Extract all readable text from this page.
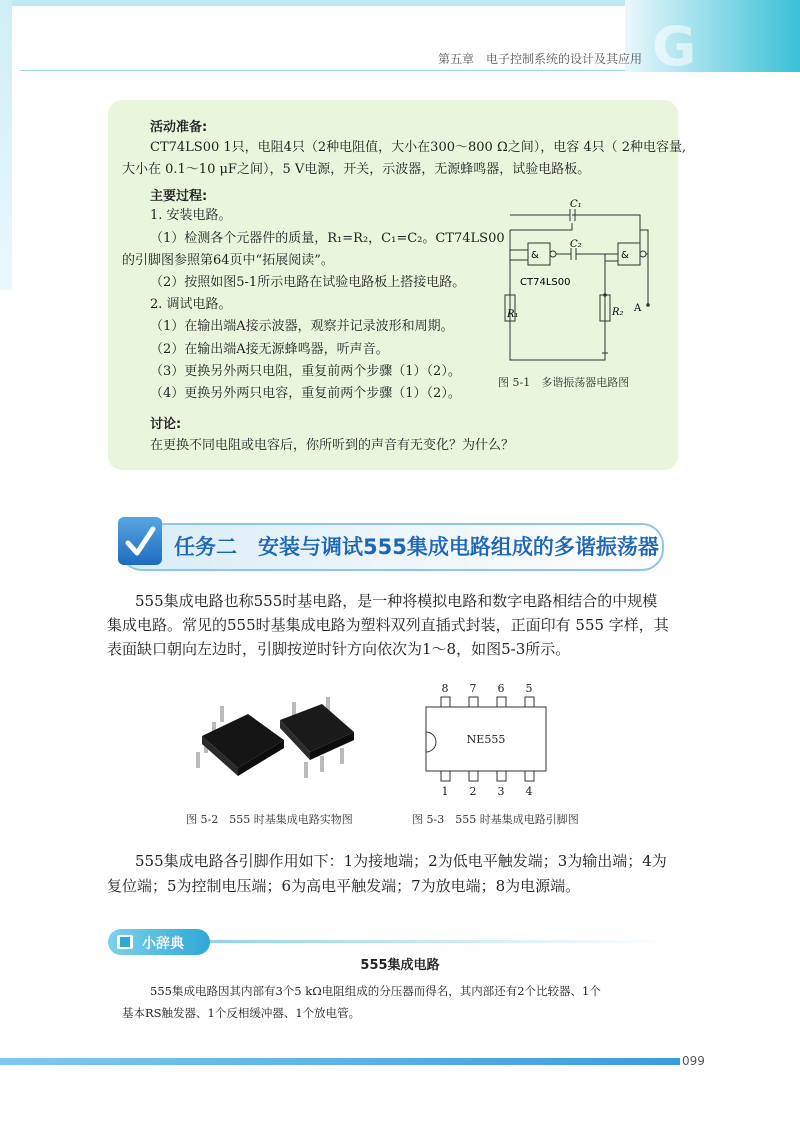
G
第五章　电子控制系统的设计及其应用
活动准备:
CT74LS00 1只，电阻4只（2种电阻值，大小在300～800 Ω之间），电容 4只（ 2种电容量,
大小在 0.1～10 μF之间），5 V电源，开关，示波器，无源蜂鸣器，试验电路板。
主要过程:
1. 安装电路。
（1）检测各个元器件的质量，R₁=R₂，C₁=C₂。CT74LS00
的引脚图参照第64页中“拓展阅读”。
（2）按照如图5-1所示电路在试验电路板上搭接电路。
2. 调试电路。
（1）在输出端A接示波器，观察并记录波形和周期。
（2）在输出端A接无源蜂鸣器，听声音。
（3）更换另外两只电阻，重复前两个步骤（1）（2）。
（4）更换另外两只电容，重复前两个步骤（1）（2）。
讨论:
在更换不同电阻或电容后，你所听到的声音有无变化？为什么？
C₁
C₂
&	&
CT74LS00
R₁	R₂ A
图 5-1　多谐振荡器电路图
任务二　安装与调试555集成电路组成的多谐振荡器
555集成电路也称555时基电路，是一种将模拟电路和数字电路相结合的中规模
集成电路。常见的555时基集成电路为塑料双列直插式封装，正面印有 555 字样，其
表面缺口朝向左边时，引脚按逆时针方向依次为1～8，如图5-3所示。
图 5-2　555 时基集成电路实物图
8 7 6 5
1 2 3 4
NE555
图 5-3　555 时基集成电路引脚图
555集成电路各引脚作用如下：1为接地端；2为低电平触发端；3为输出端；4为
复位端；5为控制电压端；6为高电平触发端；7为放电端；8为电源端。
小辞典
555集成电路
555集成电路因其内部有3个5 kΩ电阻组成的分压器而得名，其内部还有2个比较器、1个
基本RS触发器、1个反相缓冲器、1个放电管。
099
